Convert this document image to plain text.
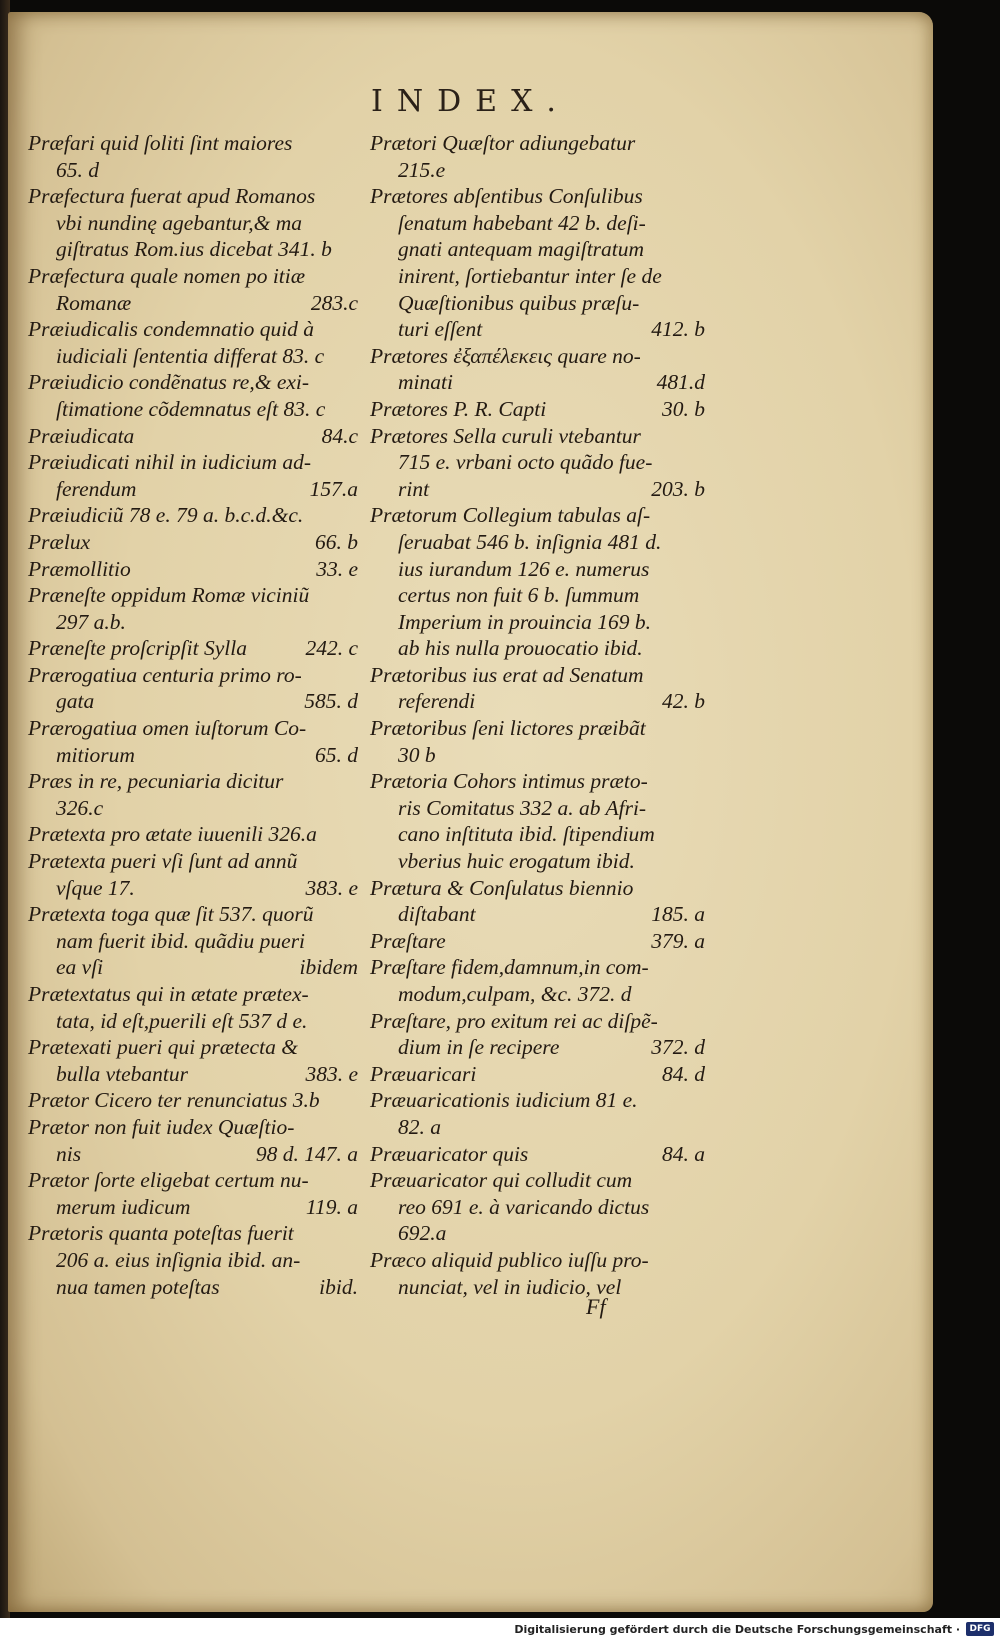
INDEX.
Præfari quid ſoliti ſint maiores
65. d
Præfectura fuerat apud Romanos
vbi nundinę agebantur,& ma
giſtratus Rom.ius dicebat 341. b
Præfectura quale nomen po itiæ
Romanæ	283.c
Præiudicalis condemnatio quid à
iudiciali ſententia differat 83. c
Præiudicio condẽnatus re,& exi-
ſtimatione cõdemnatus eſt 83. c
Præiudicata	84.c
Præiudicati nihil in iudicium ad-
ferendum	157.a
Præiudiciũ 78 e. 79 a. b.c.d.&c.
Prælux	66. b
Præmollitio	33. e
Præneſte oppidum Romæ viciniũ
297 a.b.
Præneſte proſcripſit Sylla	242. c
Prærogatiua centuria primo ro-
gata	585. d
Prærogatiua omen iuſtorum Co-
mitiorum	65. d
Præs in re, pecuniaria dicitur
326.c
Prætexta pro ætate iuuenili 326.a
Prætexta pueri vſi ſunt ad annũ
vſque 17.	383. e
Prætexta toga quæ ſit 537. quorũ
nam fuerit ibid. quãdiu pueri
ea vſi	ibidem
Prætextatus qui in ætate prætex-
tata, id eſt,puerili eſt 537 d e.
Prætexati pueri qui prætecta &
bulla vtebantur	383. e
Prætor Cicero ter renunciatus 3.b
Prætor non fuit iudex Quæſtio-
nis	98 d. 147. a
Prætor ſorte eligebat certum nu-
merum iudicum	119. a
Prætoris quanta poteſtas fuerit
206 a. eius inſignia ibid. an-
nua tamen poteſtas	ibid.
Prætori Quæſtor adiungebatur
215.e
Prætores abſentibus Conſulibus
ſenatum habebant 42 b. deſi-
gnati antequam magiſtratum
inirent, ſortiebantur inter ſe de
Quæſtionibus quibus præſu-
turi eſſent	412. b
Prætores ἐξαπέλεκεις quare no-
minati	481.d
Prætores P. R. Capti	30. b
Prætores Sella curuli vtebantur
715 e. vrbani octo quãdo fue-
rint	203. b
Prætorum Collegium tabulas aſ-
ſeruabat 546 b. inſignia 481 d.
ius iurandum 126 e. numerus
certus non fuit 6 b. ſummum
Imperium in prouincia 169 b.
ab his nulla prouocatio ibid.
Prætoribus ius erat ad Senatum
referendi	42. b
Prætoribus ſeni lictores præibãt
30 b
Prætoria Cohors intimus præto-
ris Comitatus 332 a. ab Afri-
cano inſtituta ibid. ſtipendium
vberius huic erogatum ibid.
Prætura & Conſulatus biennio
diſtabant	185. a
Præſtare	379. a
Præſtare fidem,damnum,in com-
modum,culpam, &c. 372. d
Præſtare, pro exitum rei ac diſpẽ-
dium in ſe recipere	372. d
Præuaricari	84. d
Præuaricationis iudicium 81 e.
82. a
Præuaricator quis	84. a
Præuaricator qui colludit cum
reo 691 e. à varicando dictus
692.a
Præco aliquid publico iuſſu pro-
nunciat, vel in iudicio, vel
Ff
Digitalisierung gefördert durch die Deutsche Forschungsgemeinschaft ·	DFG
